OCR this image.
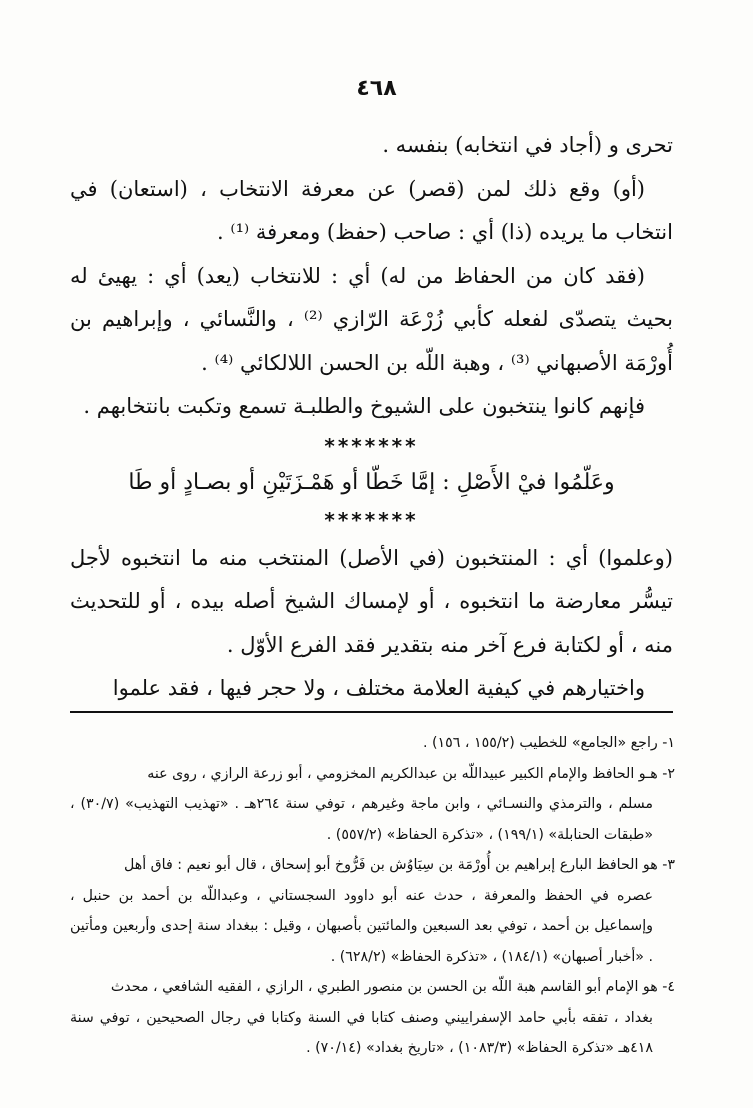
٤٦٨

تحرى و (أجاد في انتخابه) بنفسه .

(أو) وقع ذلك لمن (قصر) عن معرفة الانتخاب ، (استعان) في انتخاب ما يريده (ذا) أي : صاحب (حفظ) ومعرفة ⁽¹⁾ .

(فقد كان من الحفاظ من له) أي : للانتخاب (يعد) أي : يهيئ له بحيث يتصدّى لفعله كأبي زُرْعَة الرّازي ⁽²⁾ ، والنَّسائي ، وإبراهيم بن أُورْمَة الأصبهاني ⁽³⁾ ، وهبة اللّه بن الحسن اللالكائي ⁽⁴⁾ .

فإنهم كانوا ينتخبون على الشيوخ والطلبـة تسمع وتكبت بانتخابهم .

*******
وعَلّمُوا فيْ الأَصْلِ : إمَّا خَطّا أو هَمْـزَتَيْنِ أو بصـادٍ أو طَا
*******

(وعلموا) أي : المنتخبون (في الأصل) المنتخب منه ما انتخبوه لأجل تيسُّر معارضة ما انتخبوه ، أو لإمساك الشيخ أصله بيده ، أو للتحديث منه ، أو لكتابة فرع آخر منه بتقدير فقد الفرع الأوّل .

واختيارهم في كيفية العلامة مختلف ، ولا حجر فيها ، فقد علموا

١- راجع «الجامع» للخطيب (١٥٥/٢ ، ١٥٦) .

٢- هـو الحافظ والإمام الكبير عبيداللّه بن عبدالكريم المخزومي ، أبو زرعة الرازي ، روى عنه

مسلم ، والترمذي والنسـائي ، وابن ماجة وغيرهم ، توفي سنة ٢٦٤هـ . «تهذيب التهذيب» (٣٠/٧) ، «طبقات الحنابلة» (١٩٩/١) ، «تذكرة الحفاظ» (٥٥٧/٢) .

٣- هو الحافظ البارع إبراهيم بن أُورْمَة بن سِيَاوُش بن فَرُّوخ أبو إسحاق ، قال أبو نعيم : فاق أهل

عصره في الحفظ والمعرفة ، حدث عنه أبو داوود السجستاني ، وعبداللّه بن أحمد بن حنبل ، وإسماعيل بن أحمد ، توفي بعد السبعين والمائتين بأصبهان ، وقيل : ببغداد سنة إحدى وأربعين ومأتين . «أخبار أصبهان» (١٨٤/١) ، «تذكرة الحفاظ» (٦٢٨/٢) .

٤- هو الإمام أبو القاسم هبة اللّه بن الحسن بن منصور الطبري ، الرازي ، الفقيه الشافعي ، محدث

بغداد ، تفقه بأبي حامد الإسفراييني وصنف كتابا في السنة وكتابا في رجال الصحيحين ، توفي سنة ٤١٨هـ «تذكرة الحفاظ» (١٠٨٣/٣) ، «تاريخ بغداد» (٧٠/١٤) .
